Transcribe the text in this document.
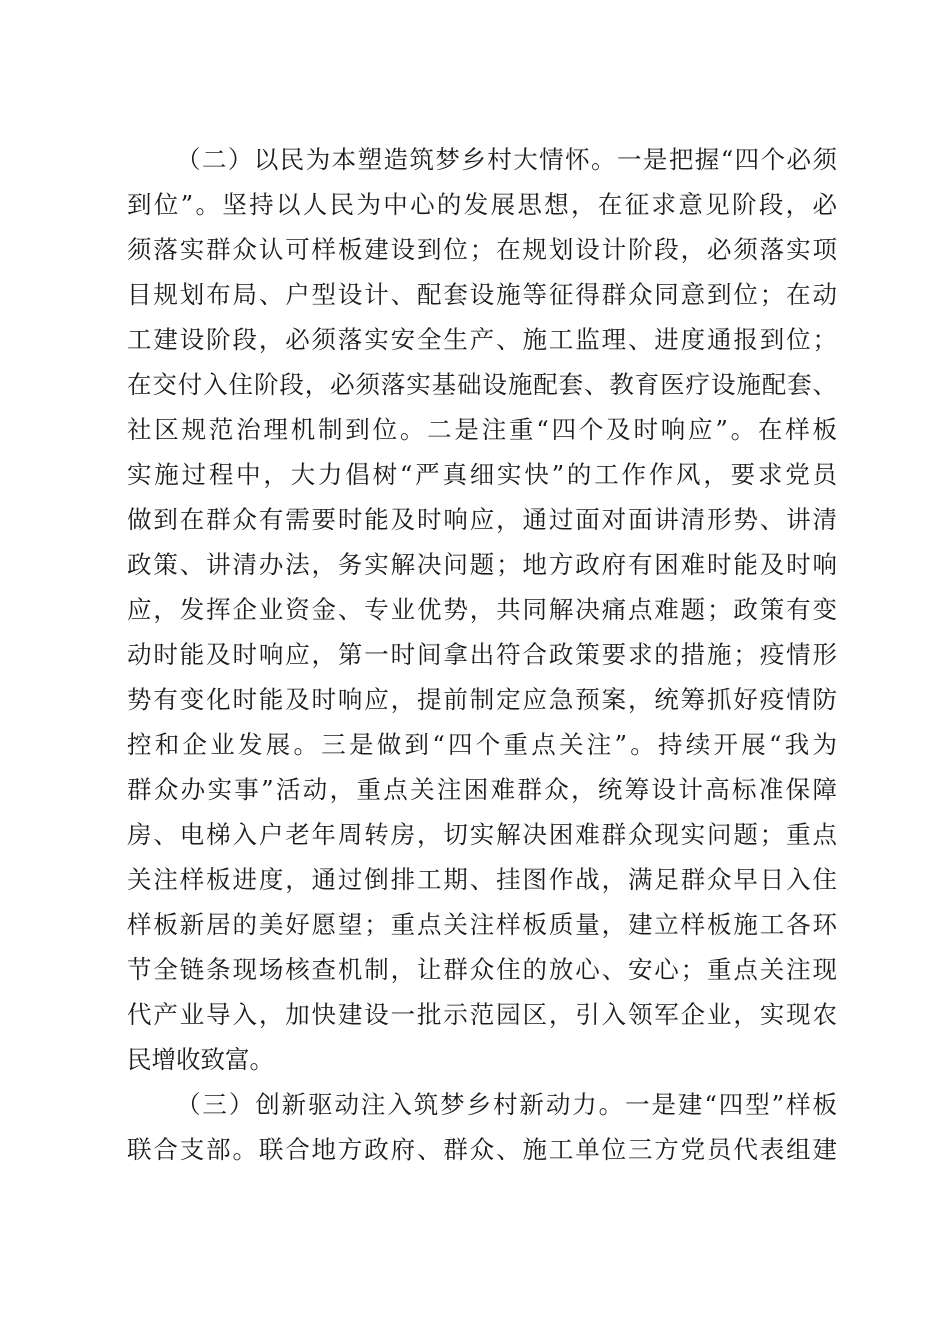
（二）以民为本塑造筑梦乡村大情怀。一是把握“四个必须
到位”。坚持以人民为中心的发展思想，在征求意见阶段，必
须落实群众认可样板建设到位；在规划设计阶段，必须落实项
目规划布局、户型设计、配套设施等征得群众同意到位；在动
工建设阶段，必须落实安全生产、施工监理、进度通报到位；
在交付入住阶段，必须落实基础设施配套、教育医疗设施配套、
社区规范治理机制到位。二是注重“四个及时响应”。在样板
实施过程中，大力倡树“严真细实快”的工作作风，要求党员
做到在群众有需要时能及时响应，通过面对面讲清形势、讲清
政策、讲清办法，务实解决问题；地方政府有困难时能及时响
应，发挥企业资金、专业优势，共同解决痛点难题；政策有变
动时能及时响应，第一时间拿出符合政策要求的措施；疫情形
势有变化时能及时响应，提前制定应急预案，统筹抓好疫情防
控和企业发展。三是做到“四个重点关注”。持续开展“我为
群众办实事”活动，重点关注困难群众，统筹设计高标准保障
房、电梯入户老年周转房，切实解决困难群众现实问题；重点
关注样板进度，通过倒排工期、挂图作战，满足群众早日入住
样板新居的美好愿望；重点关注样板质量，建立样板施工各环
节全链条现场核查机制，让群众住的放心、安心；重点关注现
代产业导入，加快建设一批示范园区，引入领军企业，实现农
民增收致富。
（三）创新驱动注入筑梦乡村新动力。一是建“四型”样板
联合支部。联合地方政府、群众、施工单位三方党员代表组建
